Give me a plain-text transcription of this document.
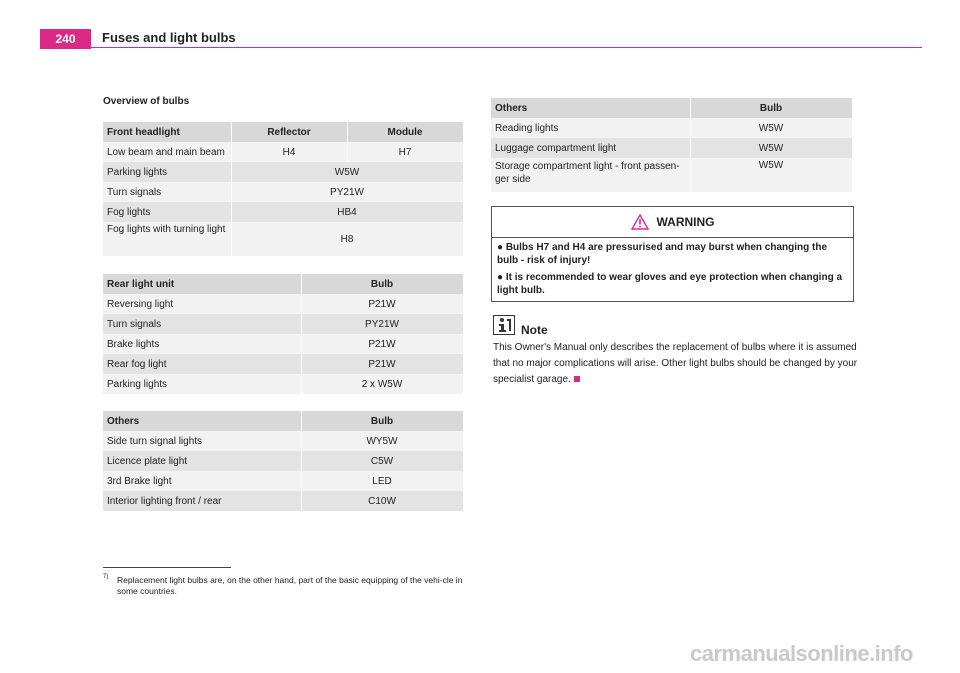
240	Fuses and light bulbs
Overview of bulbs
Front headlight	Reflector	Module
Low beam and main beam	H4	H7
Parking lights	W5W	
Turn signals	PY21W	
Fog lights	HB4	
Fog lights with turning light	H8	
Rear light unit	Bulb
Reversing light	P21W
Turn signals	PY21W
Brake lights	P21W
Rear fog light	P21W
Parking lights	2 x W5W
Others	Bulb
Side turn signal lights	WY5W
Licence plate light	C5W
3rd Brake light	LED
Interior lighting front / rear	C10W
Others	Bulb
Reading lights	W5W
Luggage compartment light	W5W
Storage compartment light - front passen-ger side	W5W
WARNING
● Bulbs H7 and H4 are pressurised and may burst when changing the bulb - risk of injury!
● It is recommended to wear gloves and eye protection when changing a light bulb.
Note
This Owner's Manual only describes the replacement of bulbs where it is assumed that no major complications will arise. Other light bulbs should be changed by your specialist garage.
7)	Replacement light bulbs are, on the other hand, part of the basic equipping of the vehi-cle in some countries.
carmanualsonline.info
